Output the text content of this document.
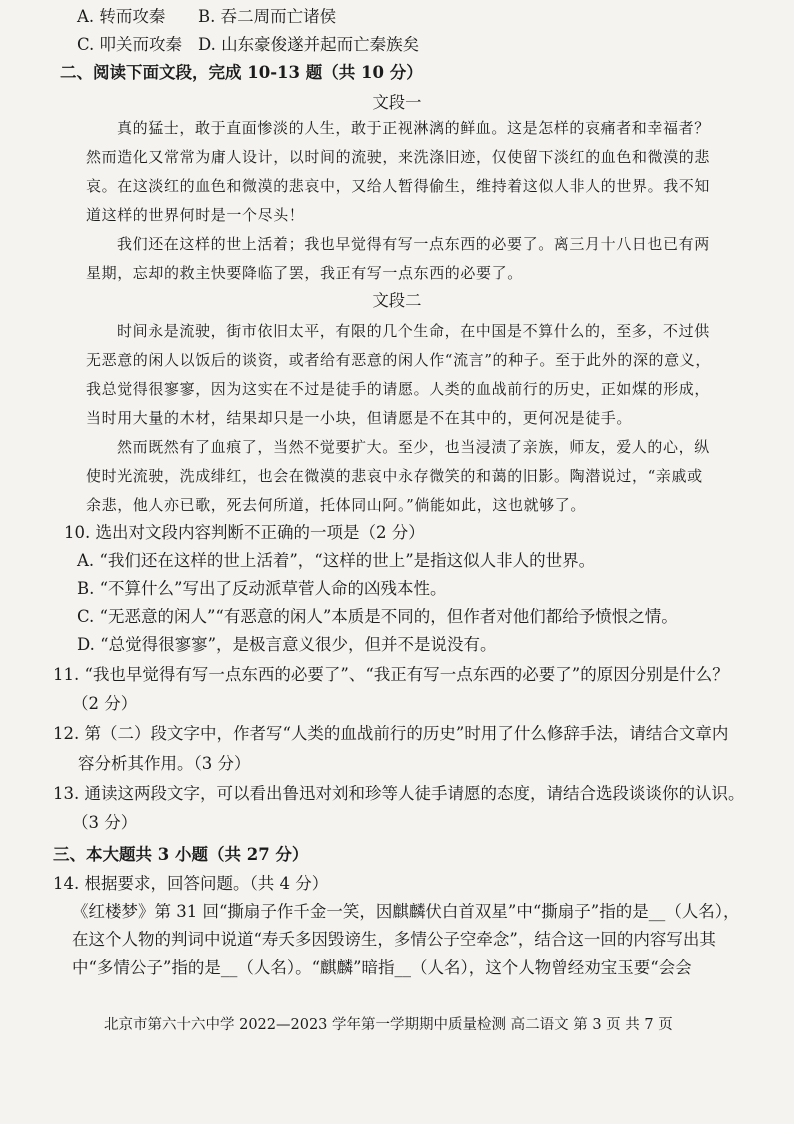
A. 转而攻秦 B. 吞二周而亡诸侯
C. 叩关而攻秦 D. 山东豪俊遂并起而亡秦族矣
二、阅读下面文段，完成 10-13 题（共 10 分）
文段一
真的猛士，敢于直面惨淡的人生，敢于正视淋漓的鲜血。这是怎样的哀痛者和幸福者？
然而造化又常常为庸人设计，以时间的流驶，来洗涤旧迹，仅使留下淡红的血色和微漠的悲
哀。在这淡红的血色和微漠的悲哀中，又给人暂得偷生，维持着这似人非人的世界。我不知
道这样的世界何时是一个尽头！
我们还在这样的世上活着；我也早觉得有写一点东西的必要了。离三月十八日也已有两
星期，忘却的救主快要降临了罢，我正有写一点东西的必要了。
文段二
时间永是流驶，街市依旧太平，有限的几个生命，在中国是不算什么的，至多，不过供
无恶意的闲人以饭后的谈资，或者给有恶意的闲人作“流言”的种子。至于此外的深的意义，
我总觉得很寥寥，因为这实在不过是徒手的请愿。人类的血战前行的历史，正如煤的形成，
当时用大量的木材，结果却只是一小块，但请愿是不在其中的，更何况是徒手。
然而既然有了血痕了，当然不觉要扩大。至少，也当浸渍了亲族，师友，爱人的心，纵
使时光流驶，洗成绯红，也会在微漠的悲哀中永存微笑的和蔼的旧影。陶潜说过，“亲戚或
余悲，他人亦已歌，死去何所道，托体同山阿。”倘能如此，这也就够了。
10. 选出对文段内容判断不正确的一项是（2 分）
A. “我们还在这样的世上活着”，“这样的世上”是指这似人非人的世界。
B. “不算什么”写出了反动派草菅人命的凶残本性。
C. “无恶意的闲人”“有恶意的闲人”本质是不同的，但作者对他们都给予愤恨之情。
D. “总觉得很寥寥”，是极言意义很少，但并不是说没有。
11. “我也早觉得有写一点东西的必要了”、“我正有写一点东西的必要了”的原因分别是什么？
（2 分）
12. 第（二）段文字中，作者写“人类的血战前行的历史”时用了什么修辞手法，请结合文章内
容分析其作用。（3 分）
13. 通读这两段文字，可以看出鲁迅对刘和珍等人徒手请愿的态度，请结合选段谈谈你的认识。
（3 分）
三、本大题共 3 小题（共 27 分）
14. 根据要求，回答问题。（共 4 分）
《红楼梦》第 31 回“撕扇子作千金一笑，因麒麟伏白首双星”中“撕扇子”指的是__（人名），
在这个人物的判词中说道“寿夭多因毁谤生，多情公子空牵念”，结合这一回的内容写出其
中“多情公子”指的是__（人名）。“麒麟”暗指__（人名），这个人物曾经劝宝玉要“会会
北京市第六十六中学 2022—2023 学年第一学期期中质量检测 高二语文 第 3 页 共 7 页
